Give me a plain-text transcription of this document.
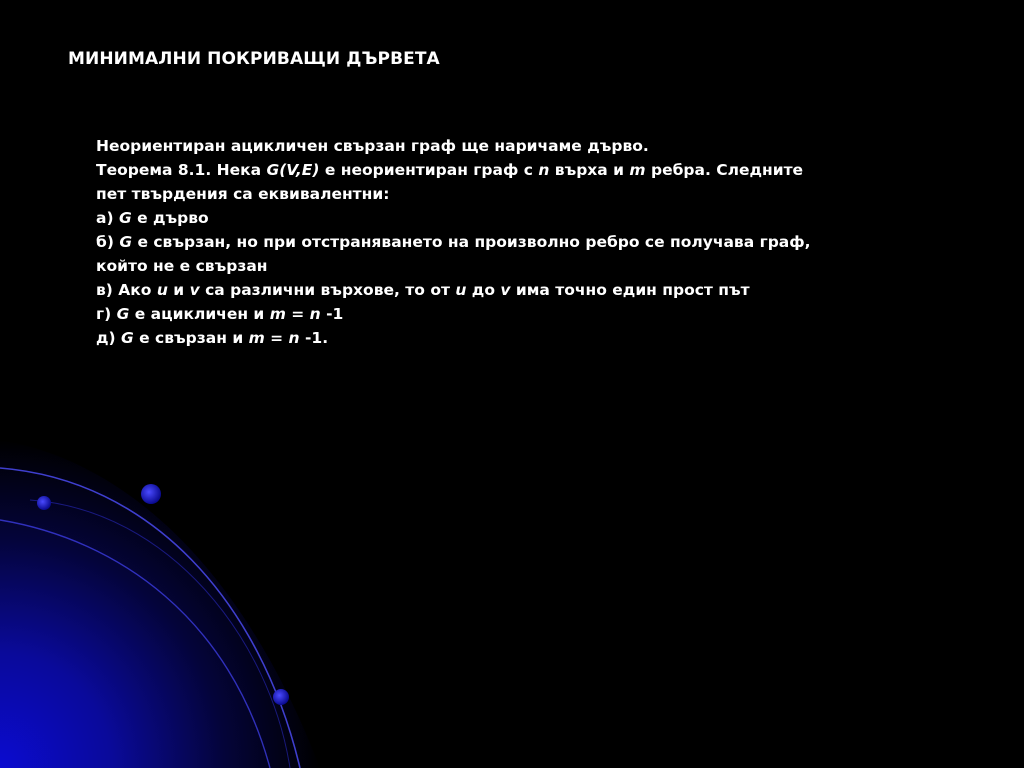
МИНИМАЛНИ ПОКРИВАЩИ ДЪРВЕТА
Неориентиран ацикличен свързан граф ще наричаме дърво.
Теорема 8.1. Нека G(V,E) е неориентиран граф с n върха и m ребра. Следните
пет твърдения са еквивалентни:
а) G е дърво
б) G е свързан, но при отстраняването на произволно ребро се получава граф,
който не е свързан
в) Ако u и v са различни върхове, то от u до v има точно един прост път
г) G е ацикличен и m = n -1
д) G е свързан и m = n -1.
